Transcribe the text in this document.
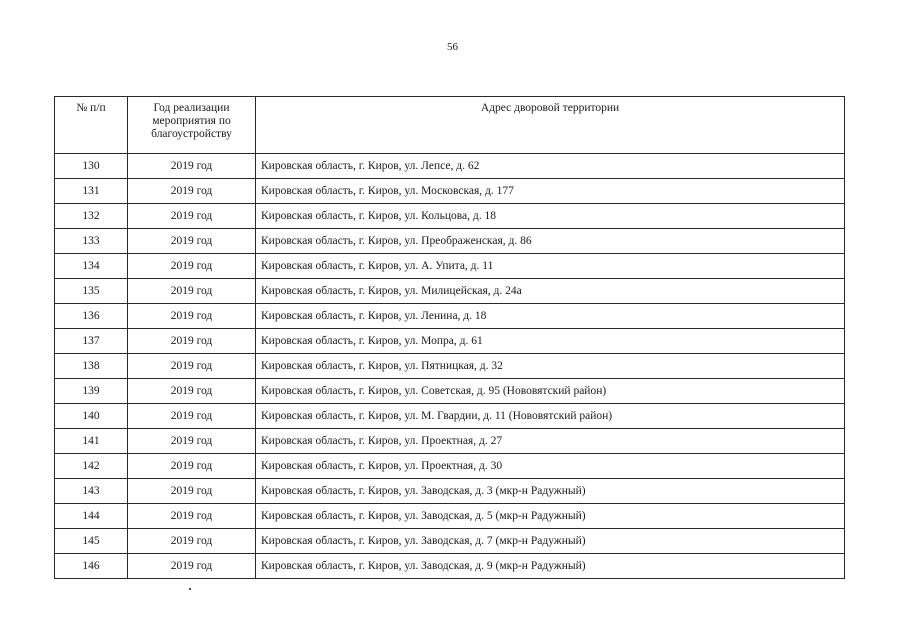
56
№ п/п	Год реализации мероприятия по благоустройству	Адрес дворовой территории
130	2019 год	Кировская область, г. Киров, ул. Лепсе, д. 62
131	2019 год	Кировская область, г. Киров, ул. Московская, д. 177
132	2019 год	Кировская область, г. Киров, ул. Кольцова, д. 18
133	2019 год	Кировская область, г. Киров, ул. Преображенская, д. 86
134	2019 год	Кировская область, г. Киров, ул. А. Упита, д. 11
135	2019 год	Кировская область, г. Киров, ул. Милицейская, д. 24а
136	2019 год	Кировская область, г. Киров, ул. Ленина, д. 18
137	2019 год	Кировская область, г. Киров, ул. Мопра, д. 61
138	2019 год	Кировская область, г. Киров, ул. Пятницкая, д. 32
139	2019 год	Кировская область, г. Киров, ул. Советская, д. 95 (Нововятский район)
140	2019 год	Кировская область, г. Киров, ул. М. Гвардии, д. 11 (Нововятский район)
141	2019 год	Кировская область, г. Киров, ул. Проектная, д. 27
142	2019 год	Кировская область, г. Киров, ул. Проектная, д. 30
143	2019 год	Кировская область, г. Киров, ул. Заводская, д. 3 (мкр-н Радужный)
144	2019 год	Кировская область, г. Киров, ул. Заводская, д. 5 (мкр-н Радужный)
145	2019 год	Кировская область, г. Киров, ул. Заводская, д. 7 (мкр-н Радужный)
146	2019 год	Кировская область, г. Киров, ул. Заводская, д. 9 (мкр-н Радужный)
